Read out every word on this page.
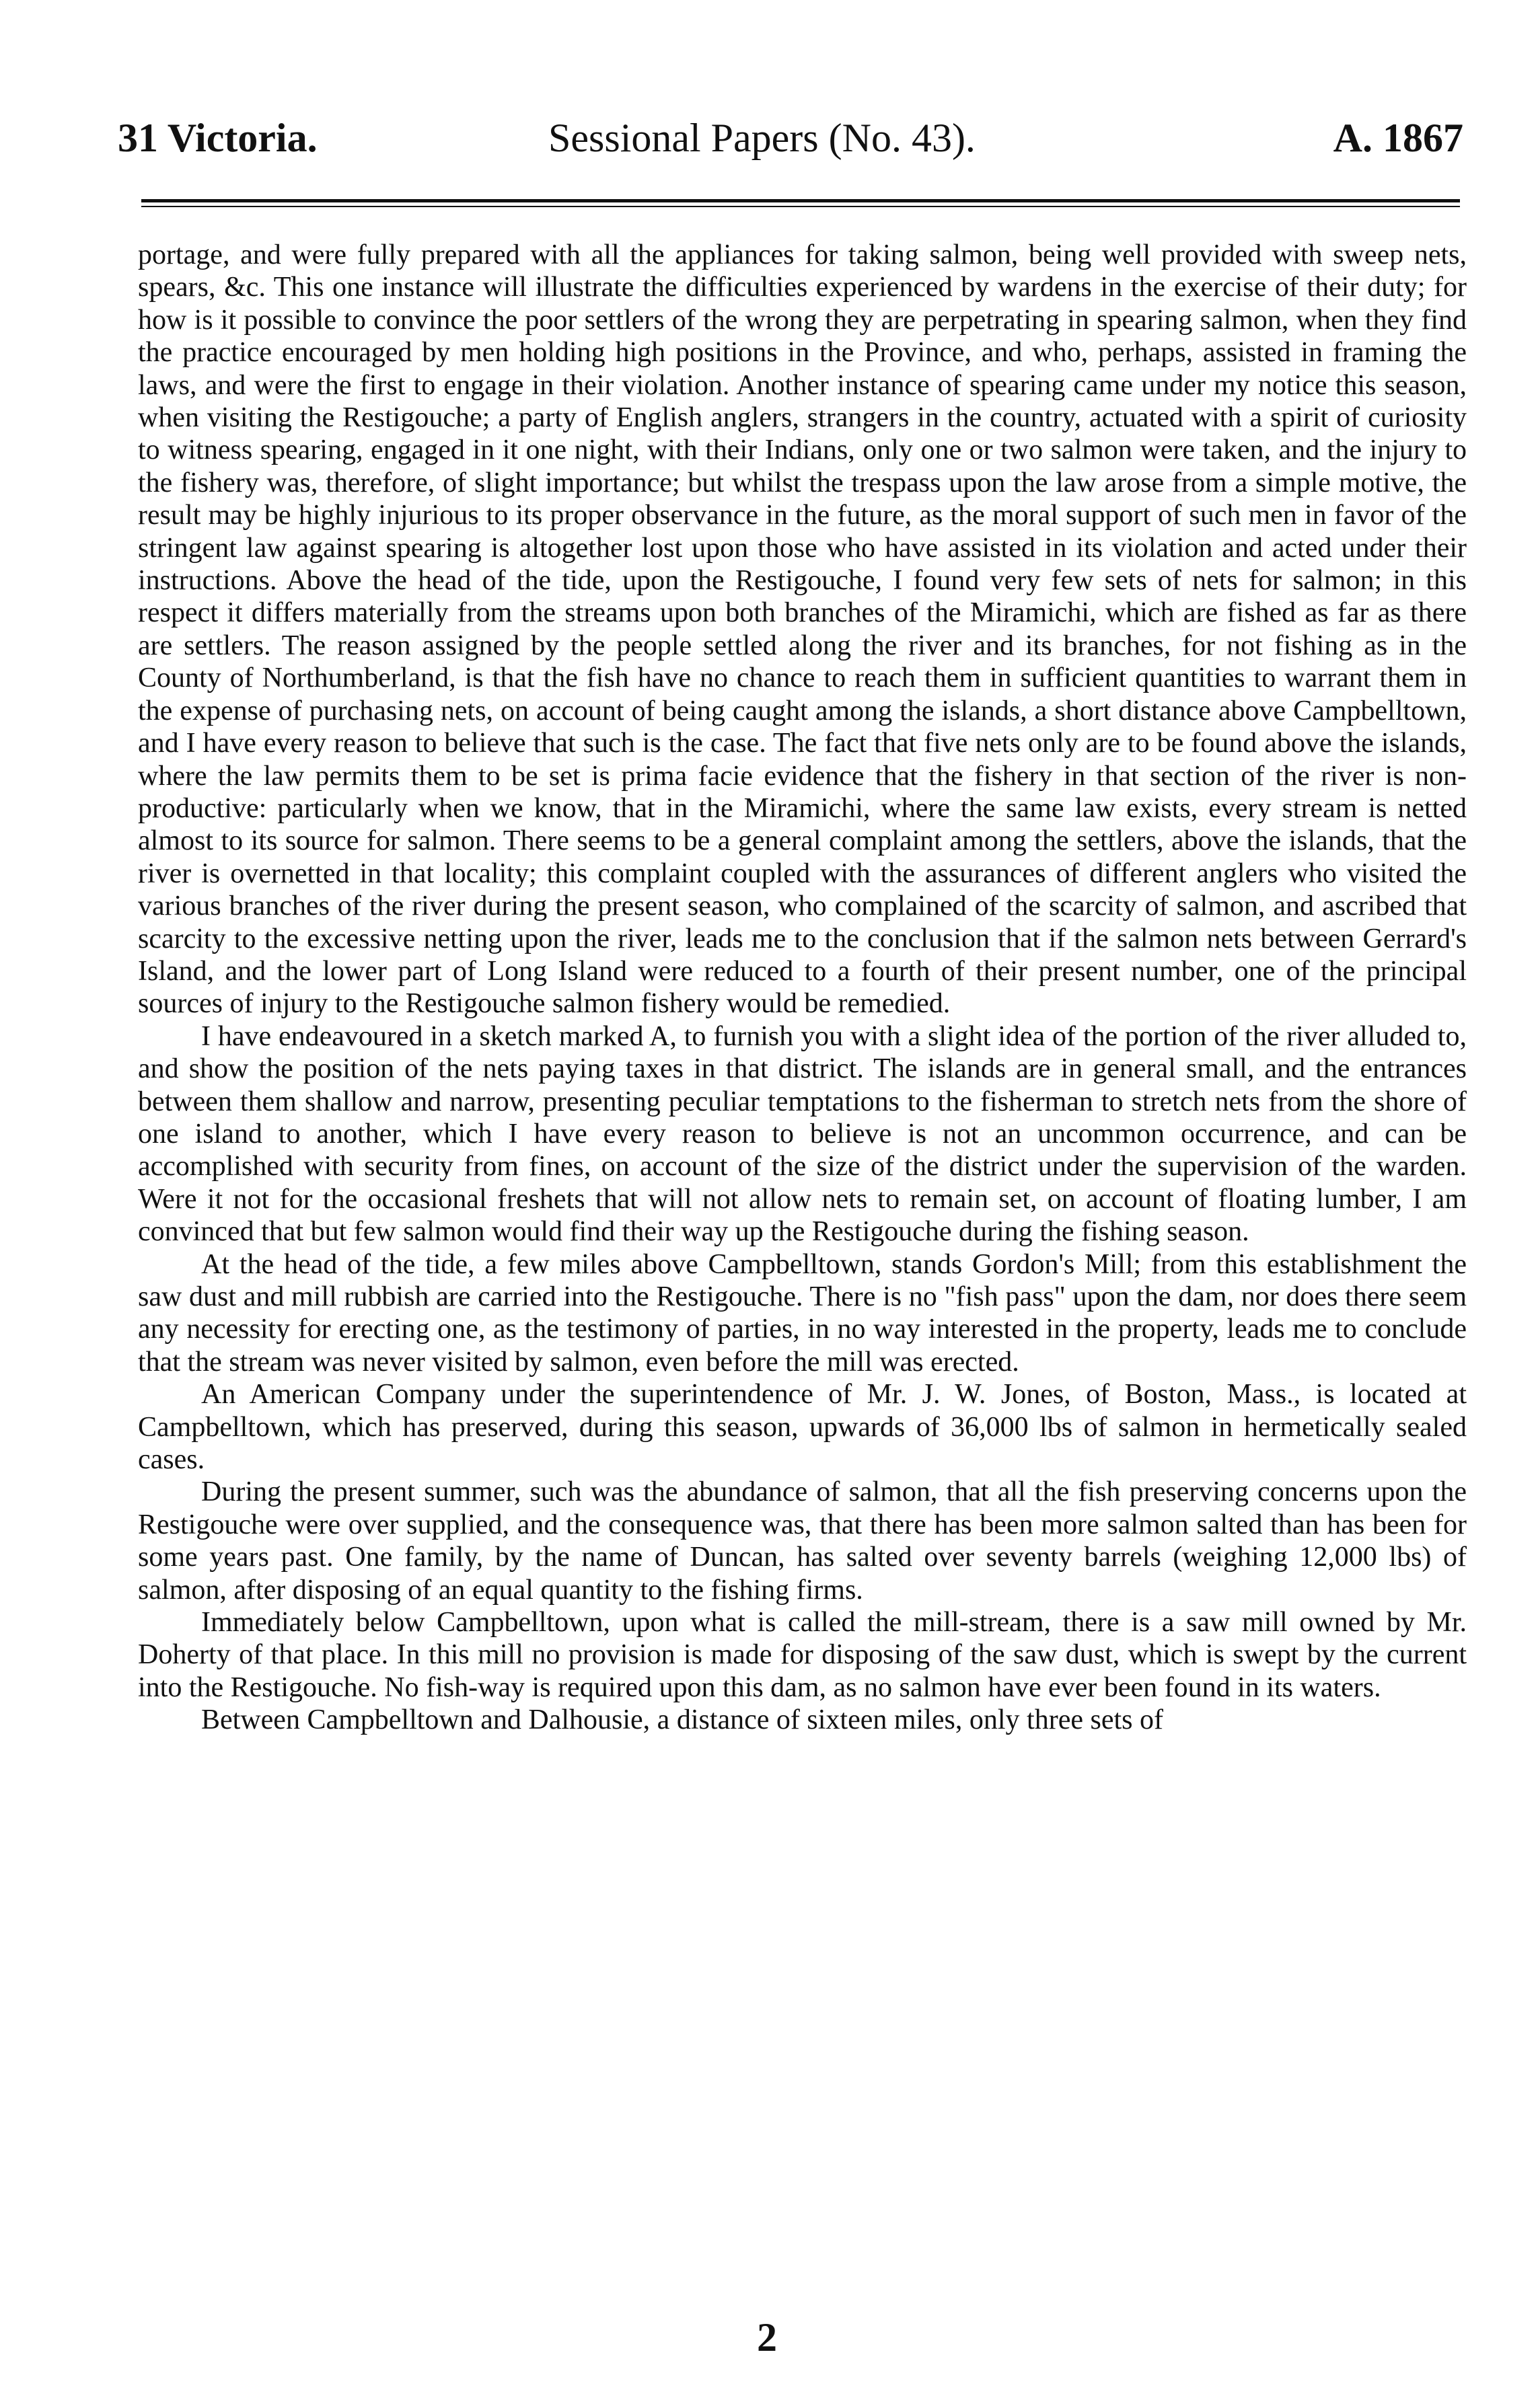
31 Victoria.	Sessional Papers (No. 43).	A. 1867

portage, and were fully prepared with all the appliances for taking salmon, being well provided with sweep nets, spears, &c. This one instance will illustrate the difficulties experienced by wardens in the exercise of their duty; for how is it possible to convince the poor settlers of the wrong they are perpetrating in spearing salmon, when they find the practice encouraged by men holding high positions in the Province, and who, perhaps, assisted in framing the laws, and were the first to engage in their violation. Another instance of spearing came under my notice this season, when visiting the Restigouche; a party of English anglers, strangers in the country, actuated with a spirit of curiosity to witness spearing, engaged in it one night, with their Indians, only one or two salmon were taken, and the injury to the fishery was, therefore, of slight importance; but whilst the trespass upon the law arose from a simple motive, the result may be highly injurious to its proper observance in the future, as the moral support of such men in favor of the stringent law against spearing is altogether lost upon those who have assisted in its violation and acted under their instructions. Above the head of the tide, upon the Restigouche, I found very few sets of nets for salmon; in this respect it differs materially from the streams upon both branches of the Miramichi, which are fished as far as there are settlers. The reason assigned by the people settled along the river and its branches, for not fishing as in the County of Northumberland, is that the fish have no chance to reach them in sufficient quantities to warrant them in the expense of purchasing nets, on account of being caught among the islands, a short distance above Campbelltown, and I have every reason to believe that such is the case. The fact that five nets only are to be found above the islands, where the law permits them to be set is prima facie evidence that the fishery in that section of the river is non-productive: particularly when we know, that in the Miramichi, where the same law exists, every stream is netted almost to its source for salmon. There seems to be a general complaint among the settlers, above the islands, that the river is overnetted in that locality; this complaint coupled with the assurances of different anglers who visited the various branches of the river during the present season, who complained of the scarcity of salmon, and ascribed that scarcity to the excessive netting upon the river, leads me to the conclusion that if the salmon nets between Gerrard's Island, and the lower part of Long Island were reduced to a fourth of their present number, one of the principal sources of injury to the Restigouche salmon fishery would be remedied.

I have endeavoured in a sketch marked A, to furnish you with a slight idea of the portion of the river alluded to, and show the position of the nets paying taxes in that district. The islands are in general small, and the entrances between them shallow and narrow, presenting peculiar temptations to the fisherman to stretch nets from the shore of one island to another, which I have every reason to believe is not an uncommon occurrence, and can be accomplished with security from fines, on account of the size of the district under the supervision of the warden. Were it not for the occasional freshets that will not allow nets to remain set, on account of floating lumber, I am convinced that but few salmon would find their way up the Restigouche during the fishing season.

At the head of the tide, a few miles above Campbelltown, stands Gordon's Mill; from this establishment the saw dust and mill rubbish are carried into the Restigouche. There is no "fish pass" upon the dam, nor does there seem any necessity for erecting one, as the testimony of parties, in no way interested in the property, leads me to conclude that the stream was never visited by salmon, even before the mill was erected.

An American Company under the superintendence of Mr. J. W. Jones, of Boston, Mass., is located at Campbelltown, which has preserved, during this season, upwards of 36,000 lbs of salmon in hermetically sealed cases.

During the present summer, such was the abundance of salmon, that all the fish preserving concerns upon the Restigouche were over supplied, and the consequence was, that there has been more salmon salted than has been for some years past. One family, by the name of Duncan, has salted over seventy barrels (weighing 12,000 lbs) of salmon, after disposing of an equal quantity to the fishing firms.

Immediately below Campbelltown, upon what is called the mill-stream, there is a saw mill owned by Mr. Doherty of that place. In this mill no provision is made for disposing of the saw dust, which is swept by the current into the Restigouche. No fish-way is required upon this dam, as no salmon have ever been found in its waters.

Between Campbelltown and Dalhousie, a distance of sixteen miles, only three sets of

2
